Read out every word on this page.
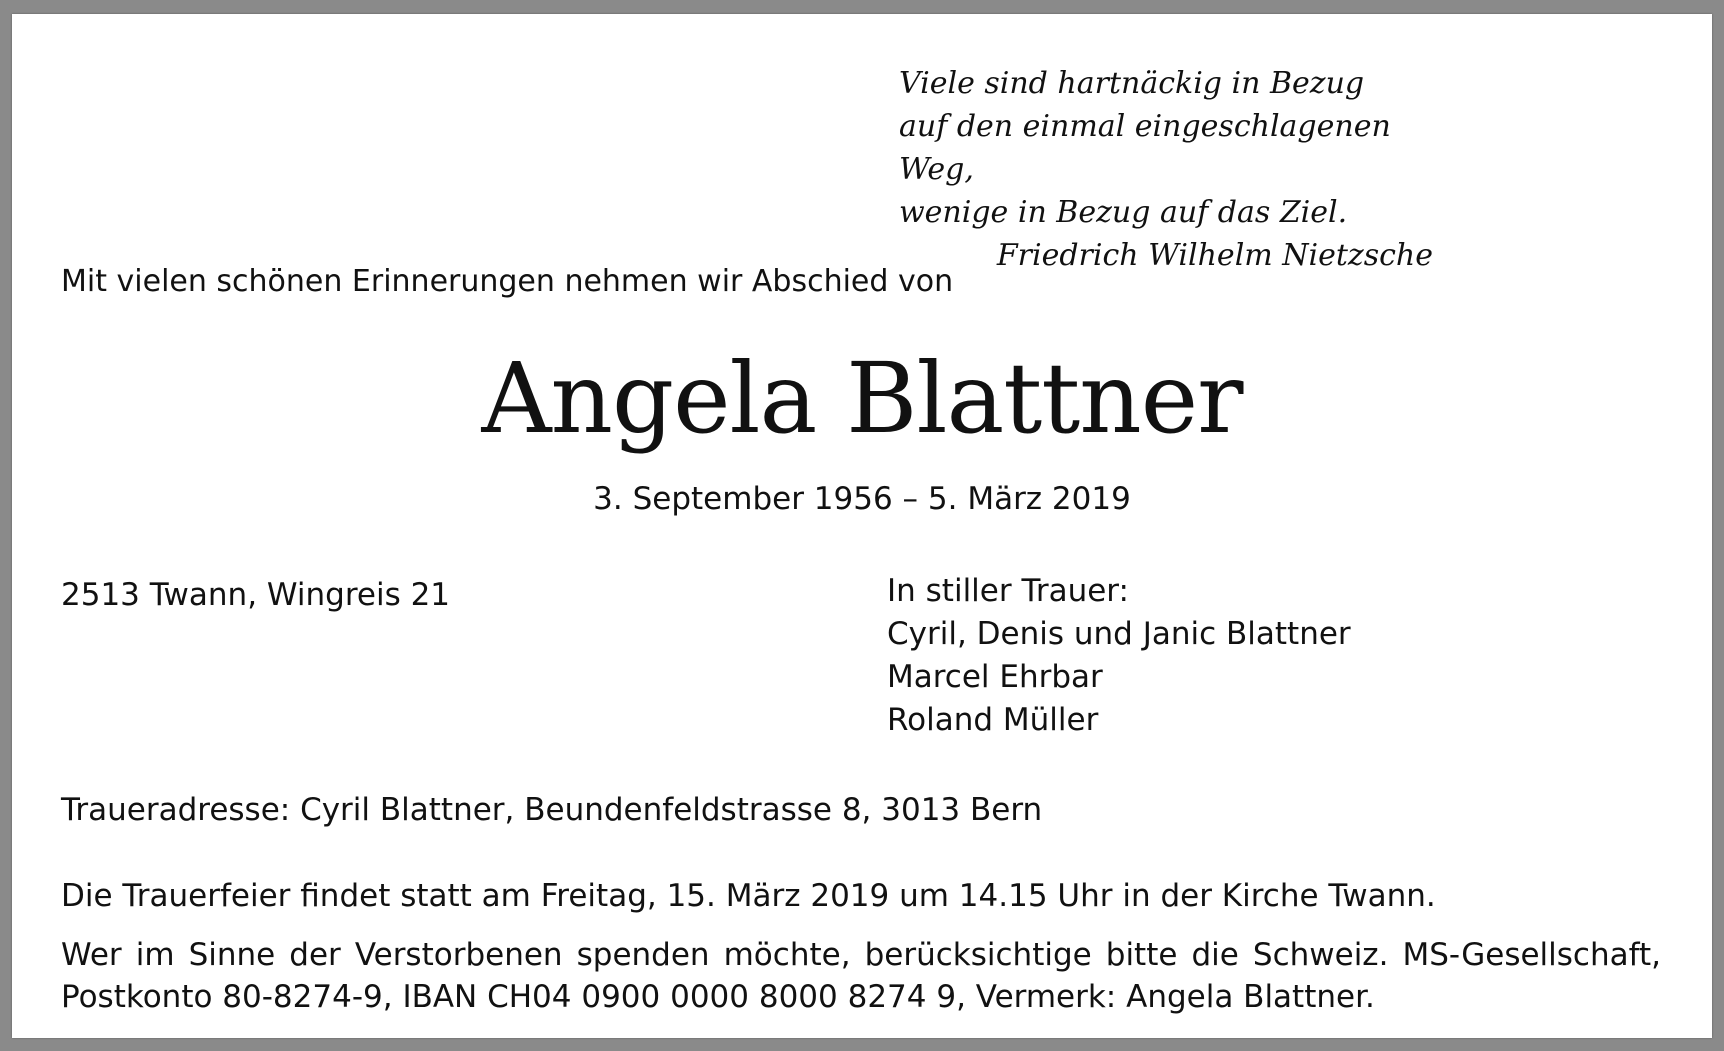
Viele sind hartnäckig in Bezug
auf den einmal eingeschlagenen Weg,
wenige in Bezug auf das Ziel.
Friedrich Wilhelm Nietzsche
Mit vielen schönen Erinnerungen nehmen wir Abschied von
Angela Blattner
3. September 1956 – 5. März 2019
2513 Twann, Wingreis 21	In stiller Trauer:
Cyril, Denis und Janic Blattner
Marcel Ehrbar
Roland Müller
Traueradresse: Cyril Blattner, Beundenfeldstrasse 8, 3013 Bern
Die Trauerfeier findet statt am Freitag, 15. März 2019 um 14.15 Uhr in der Kirche Twann.
Wer im Sinne der Verstorbenen spenden möchte, berücksichtige bitte die Schweiz. MS-Gesellschaft, Postkonto 80-8274-9, IBAN CH04 0900 0000 8000 8274 9, Vermerk: Angela Blattner.
